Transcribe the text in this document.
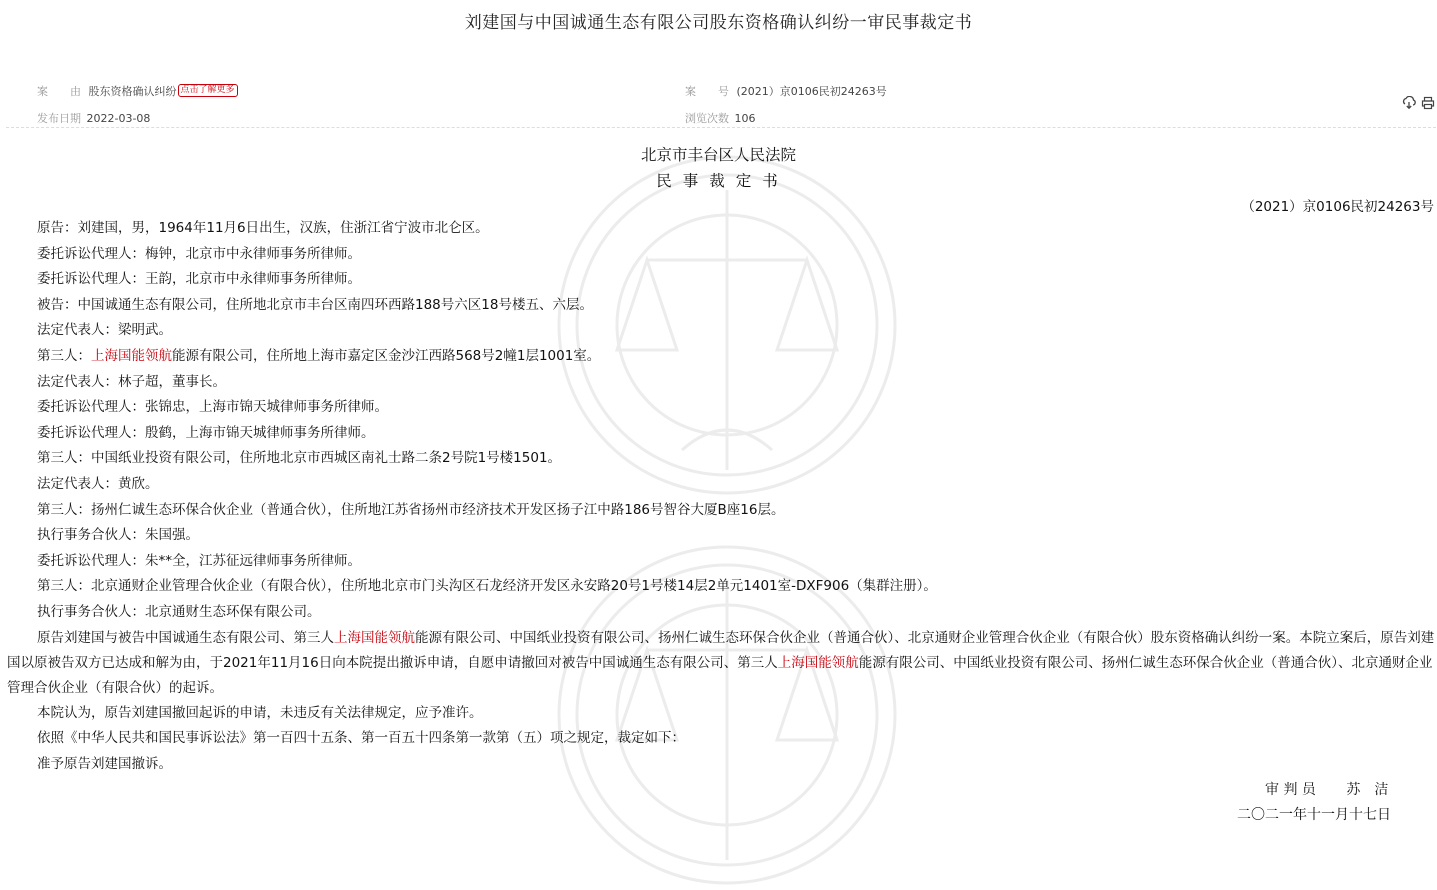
刘建国与中国诚通生态有限公司股东资格确认纠纷一审民事裁定书
案　　由 股东资格确认纠纷 点击了解更多	案　　号 (2021）京0106民初24263号
发布日期 2022-03-08	浏览次数 106

北京市丰台区人民法院
民事裁定书
（2021）京0106民初24263号

原告：刘建国，男，1964年11月6日出生，汉族，住浙江省宁波市北仑区。

委托诉讼代理人：梅钟，北京市中永律师事务所律师。

委托诉讼代理人：王韵，北京市中永律师事务所律师。

被告：中国诚通生态有限公司，住所地北京市丰台区南四环西路188号六区18号楼五、六层。

法定代表人：梁明武。

第三人：上海国能领航能源有限公司，住所地上海市嘉定区金沙江西路568号2幢1层1001室。

法定代表人：林子超，董事长。

委托诉讼代理人：张锦忠，上海市锦天城律师事务所律师。

委托诉讼代理人：殷鹤，上海市锦天城律师事务所律师。

第三人：中国纸业投资有限公司，住所地北京市西城区南礼士路二条2号院1号楼1501。

法定代表人：黄欣。

第三人：扬州仁诚生态环保合伙企业（普通合伙），住所地江苏省扬州市经济技术开发区扬子江中路186号智谷大厦B座16层。

执行事务合伙人：朱国强。

委托诉讼代理人：朱**全，江苏征远律师事务所律师。

第三人：北京通财企业管理合伙企业（有限合伙），住所地北京市门头沟区石龙经济开发区永安路20号1号楼14层2单元1401室-DXF906（集群注册）。

执行事务合伙人：北京通财生态环保有限公司。

原告刘建国与被告中国诚通生态有限公司、第三人上海国能领航能源有限公司、中国纸业投资有限公司、扬州仁诚生态环保合伙企业（普通合伙）、北京通财企业管理合伙企业（有限合伙）股东资格确认纠纷一案。本院立案后，原告刘建国以原被告双方已达成和解为由，于2021年11月16日向本院提出撤诉申请，自愿申请撤回对被告中国诚通生态有限公司、第三人上海国能领航能源有限公司、中国纸业投资有限公司、扬州仁诚生态环保合伙企业（普通合伙）、北京通财企业管理合伙企业（有限合伙）的起诉。

本院认为，原告刘建国撤回起诉的申请，未违反有关法律规定，应予准许。

依照《中华人民共和国民事诉讼法》第一百四十五条、第一百五十四条第一款第（五）项之规定，裁定如下：

准予原告刘建国撤诉。

审 判 员 苏　洁
二〇二一年十一月十七日
